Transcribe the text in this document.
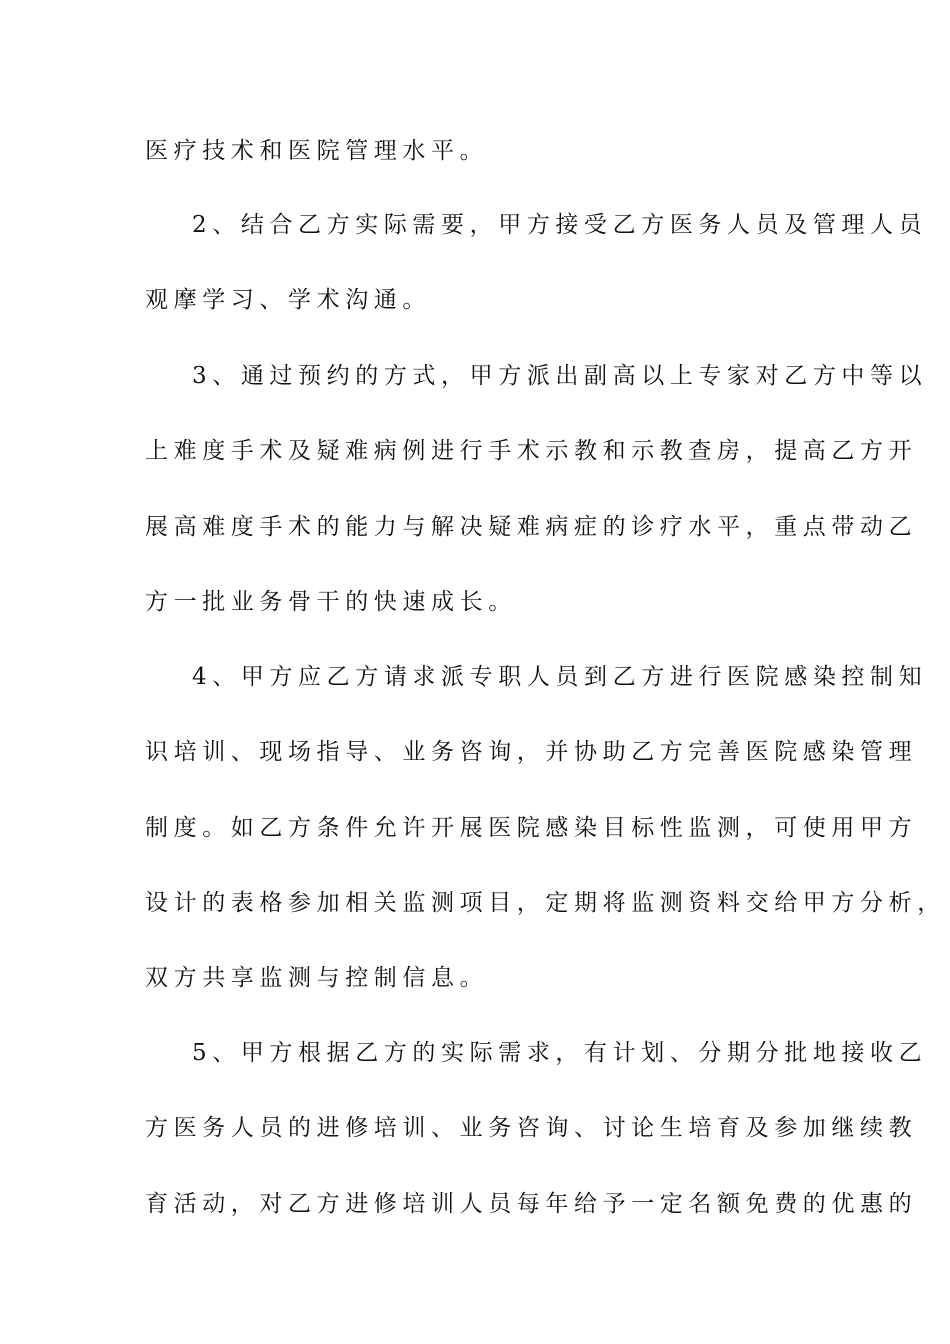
医疗技术和医院管理水平。
2、结合乙方实际需要，甲方接受乙方医务人员及管理人员
观摩学习、学术沟通。
3、通过预约的方式，甲方派出副高以上专家对乙方中等以
上难度手术及疑难病例进行手术示教和示教查房，提高乙方开
展高难度手术的能力与解决疑难病症的诊疗水平，重点带动乙
方一批业务骨干的快速成长。
4、甲方应乙方请求派专职人员到乙方进行医院感染控制知
识培训、现场指导、业务咨询，并协助乙方完善医院感染管理
制度。如乙方条件允许开展医院感染目标性监测，可使用甲方
设计的表格参加相关监测项目，定期将监测资料交给甲方分析，
双方共享监测与控制信息。
5、甲方根据乙方的实际需求，有计划、分期分批地接收乙
方医务人员的进修培训、业务咨询、讨论生培育及参加继续教
育活动，对乙方进修培训人员每年给予一定名额免费的优惠的
